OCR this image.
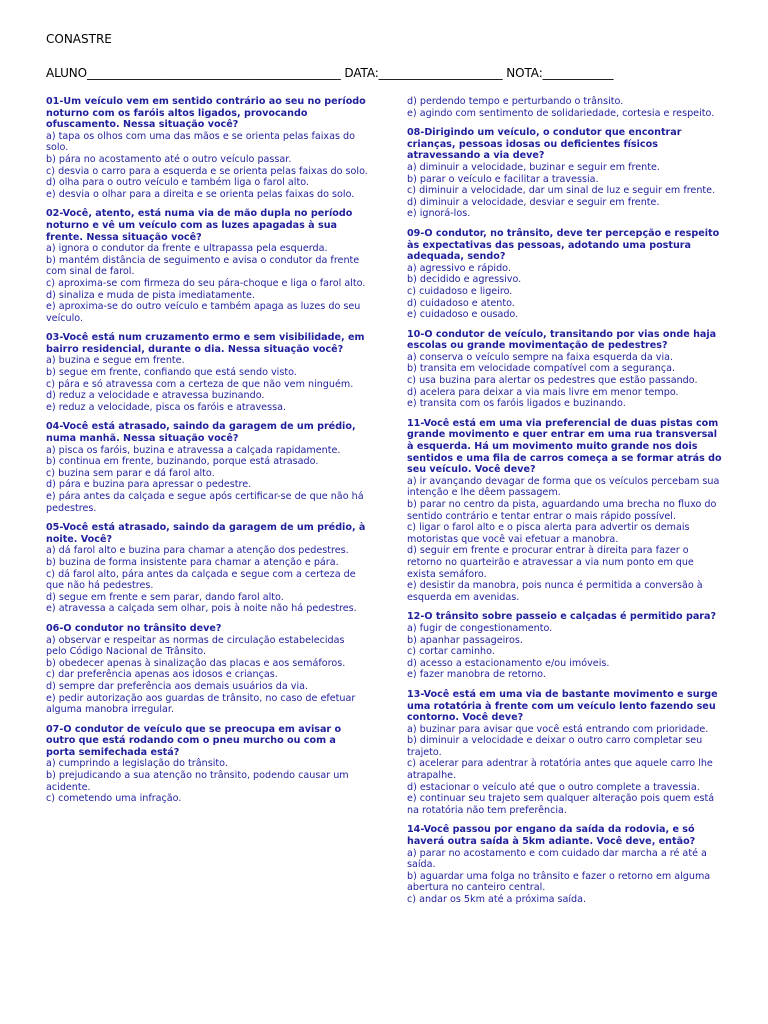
CONASTRE
ALUNO___________________________________________ DATA:_____________________ NOTA:____________
01-Um veículo vem em sentido contrário ao seu no período noturno com os faróis altos ligados, provocando ofuscamento. Nessa situação você?
a) tapa os olhos com uma das mãos e se orienta pelas faixas do solo.
b) pára no acostamento até o outro veículo passar.
c) desvia o carro para a esquerda e se orienta pelas faixas do solo.
d) olha para o outro veículo e também liga o farol alto.
e) desvia o olhar para a direita e se orienta pelas faixas do solo.
02-Você, atento, está numa via de mão dupla no período noturno e vê um veículo com as luzes apagadas à sua frente. Nessa situação você?
a) ignora o condutor da frente e ultrapassa pela esquerda.
b) mantém distância de seguimento e avisa o condutor da frente com sinal de farol.
c) aproxima-se com firmeza do seu pára-choque e liga o farol alto.
d) sinaliza e muda de pista imediatamente.
e) aproxima-se do outro veículo e também apaga as luzes do seu veículo.
03-Você está num cruzamento ermo e sem visibilidade, em bairro residencial, durante o dia. Nessa situação você?
a) buzina e segue em frente.
b) segue em frente, confiando que está sendo visto.
c) pára e só atravessa com a certeza de que não vem ninguém.
d) reduz a velocidade e atravessa buzinando.
e) reduz a velocidade, pisca os faróis e atravessa.
04-Você está atrasado, saindo da garagem de um prédio, numa manhã. Nessa situação você?
a) pisca os faróis, buzina e atravessa a calçada rapidamente.
b) continua em frente, buzinando, porque está atrasado.
c) buzina sem parar e dá farol alto.
d) pára e buzina para apressar o pedestre.
e) pára antes da calçada e segue após certificar-se de que não há pedestres.
05-Você está atrasado, saindo da garagem de um prédio, à noite. Você?
a) dá farol alto e buzina para chamar a atenção dos pedestres.
b) buzina de forma insistente para chamar a atenção e pára.
c) dá farol alto, pára antes da calçada e segue com a certeza de que não há pedestres.
d) segue em frente e sem parar, dando farol alto.
e) atravessa a calçada sem olhar, pois à noite não há pedestres.
06-O condutor no trânsito deve?
a) observar e respeitar as normas de circulação estabelecidas pelo Código Nacional de Trânsito.
b) obedecer apenas à sinalização das placas e aos semáforos.
c) dar preferência apenas aos idosos e crianças.
d) sempre dar preferência aos demais usuários da via.
e) pedir autorização aos guardas de trânsito, no caso de efetuar alguma manobra irregular.
07-O condutor de veículo que se preocupa em avisar o outro que está rodando com o pneu murcho ou com a porta semifechada está?
a) cumprindo a legislação do trânsito.
b) prejudicando a sua atenção no trânsito, podendo causar um acidente.
c) cometendo uma infração.
d) perdendo tempo e perturbando o trânsito.
e) agindo com sentimento de solidariedade, cortesia e respeito.
08-Dirigindo um veículo, o condutor que encontrar crianças, pessoas idosas ou deficientes físicos atravessando a via deve?
a) diminuir a velocidade, buzinar e seguir em frente.
b) parar o veículo e facilitar a travessia.
c) diminuir a velocidade, dar um sinal de luz e seguir em frente.
d) diminuir a velocidade, desviar e seguir em frente.
e) ignorá-los.
09-O condutor, no trânsito, deve ter percepção e respeito às expectativas das pessoas, adotando uma postura adequada, sendo?
a) agressivo e rápido.
b) decidido e agressivo.
c) cuidadoso e ligeiro.
d) cuidadoso e atento.
e) cuidadoso e ousado.
10-O condutor de veículo, transitando por vias onde haja escolas ou grande movimentação de pedestres?
a) conserva o veículo sempre na faixa esquerda da via.
b) transita em velocidade compatível com a segurança.
c) usa buzina para alertar os pedestres que estão passando.
d) acelera para deixar a via mais livre em menor tempo.
e) transita com os faróis ligados e buzinando.
11-Você está em uma via preferencial de duas pistas com grande movimento e quer entrar em uma rua transversal à esquerda. Há um movimento muito grande nos dois sentidos e uma fila de carros começa a se formar atrás do seu veículo. Você deve?
a) ir avançando devagar de forma que os veículos percebam sua intenção e lhe dêem passagem.
b) parar no centro da pista, aguardando uma brecha no fluxo do sentido contrário e tentar entrar o mais rápido possível.
c) ligar o farol alto e o pisca alerta para advertir os demais motoristas que você vai efetuar a manobra.
d) seguir em frente e procurar entrar à direita para fazer o retorno no quarteirão e atravessar a via num ponto em que exista semáforo.
e) desistir da manobra, pois nunca é permitida a conversão à esquerda em avenidas.
12-O trânsito sobre passeio e calçadas é permitido para?
a) fugir de congestionamento.
b) apanhar passageiros.
c) cortar caminho.
d) acesso a estacionamento e/ou imóveis.
e) fazer manobra de retorno.
13-Você está em uma via de bastante movimento e surge uma rotatória à frente com um veículo lento fazendo seu contorno. Você deve?
a) buzinar para avisar que você está entrando com prioridade.
b) diminuir a velocidade e deixar o outro carro completar seu trajeto.
c) acelerar para adentrar à rotatória antes que aquele carro lhe atrapalhe.
d) estacionar o veículo até que o outro complete a travessia.
e) continuar seu trajeto sem qualquer alteração pois quem está na rotatória não tem preferência.
14-Você passou por engano da saída da rodovia, e só haverá outra saída à 5km adiante. Você deve, então?
a) parar no acostamento e com cuidado dar marcha a ré até a saída.
b) aguardar uma folga no trânsito e fazer o retorno em alguma abertura no canteiro central.
c) andar os 5km até a próxima saída.
